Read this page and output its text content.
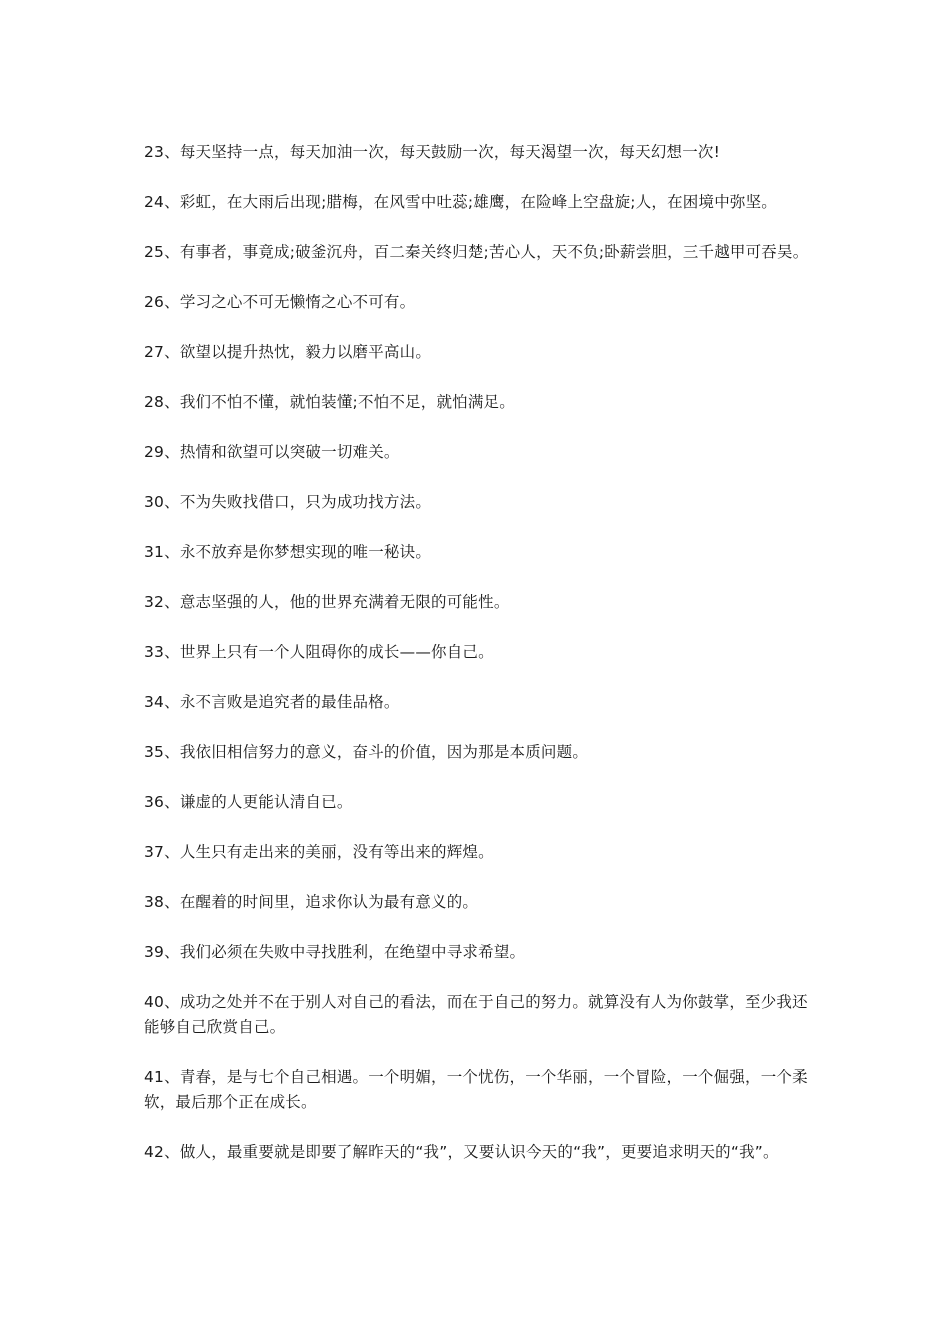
23、每天坚持一点，每天加油一次，每天鼓励一次，每天渴望一次，每天幻想一次!

24、彩虹，在大雨后出现;腊梅，在风雪中吐蕊;雄鹰，在险峰上空盘旋;人，在困境中弥坚。

25、有事者，事竟成;破釜沉舟，百二秦关终归楚;苦心人，天不负;卧薪尝胆，三千越甲可吞吴。

26、学习之心不可无懒惰之心不可有。

27、欲望以提升热忱，毅力以磨平高山。

28、我们不怕不懂，就怕装懂;不怕不足，就怕满足。

29、热情和欲望可以突破一切难关。

30、不为失败找借口，只为成功找方法。

31、永不放弃是你梦想实现的唯一秘诀。

32、意志坚强的人，他的世界充满着无限的可能性。

33、世界上只有一个人阻碍你的成长——你自己。

34、永不言败是追究者的最佳品格。

35、我依旧相信努力的意义，奋斗的价值，因为那是本质问题。

36、谦虚的人更能认清自已。

37、人生只有走出来的美丽，没有等出来的辉煌。

38、在醒着的时间里，追求你认为最有意义的。

39、我们必须在失败中寻找胜利，在绝望中寻求希望。

40、成功之处并不在于别人对自己的看法，而在于自己的努力。就算没有人为你鼓掌，至少我还能够自己欣赏自己。

41、青春，是与七个自己相遇。一个明媚，一个忧伤，一个华丽，一个冒险，一个倔强，一个柔软，最后那个正在成长。

42、做人，最重要就是即要了解昨天的“我”，又要认识今天的“我”，更要追求明天的“我”。
